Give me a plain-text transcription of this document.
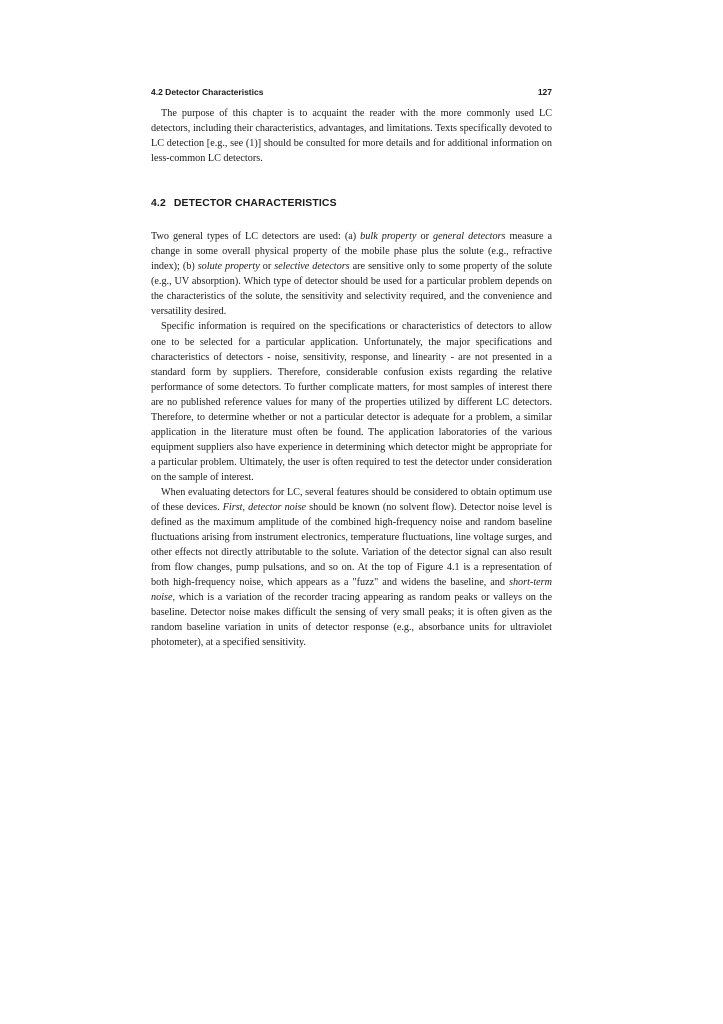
4.2 Detector Characteristics	127

The purpose of this chapter is to acquaint the reader with the more commonly used LC detectors, including their characteristics, advantages, and limitations. Texts specifically devoted to LC detection [e.g., see (1)] should be consulted for more details and for additional information on less-common LC detectors.

4.2 DETECTOR CHARACTERISTICS

Two general types of LC detectors are used: (a) bulk property or general detectors measure a change in some overall physical property of the mobile phase plus the solute (e.g., refractive index); (b) solute property or selective detectors are sensitive only to some property of the solute (e.g., UV absorption). Which type of detector should be used for a particular problem depends on the characteristics of the solute, the sensitivity and selectivity required, and the convenience and versatility desired.

Specific information is required on the specifications or characteristics of detectors to allow one to be selected for a particular application. Unfortunately, the major specifications and characteristics of detectors - noise, sensitivity, response, and linearity - are not presented in a standard form by suppliers. Therefore, considerable confusion exists regarding the relative performance of some detectors. To further complicate matters, for most samples of interest there are no published reference values for many of the properties utilized by different LC detectors. Therefore, to determine whether or not a particular detector is adequate for a problem, a similar application in the literature must often be found. The application laboratories of the various equipment suppliers also have experience in determining which detector might be appropriate for a particular problem. Ultimately, the user is often required to test the detector under consideration on the sample of interest.

When evaluating detectors for LC, several features should be considered to obtain optimum use of these devices. First, detector noise should be known (no solvent flow). Detector noise level is defined as the maximum amplitude of the combined high-frequency noise and random baseline fluctuations arising from instrument electronics, temperature fluctuations, line voltage surges, and other effects not directly attributable to the solute. Variation of the detector signal can also result from flow changes, pump pulsations, and so on. At the top of Figure 4.1 is a representation of both high-frequency noise, which appears as a "fuzz" and widens the baseline, and short-term noise, which is a variation of the recorder tracing appearing as random peaks or valleys on the baseline. Detector noise makes difficult the sensing of very small peaks; it is often given as the random baseline variation in units of detector response (e.g., absorbance units for ultraviolet photometer), at a specified sensitivity.
